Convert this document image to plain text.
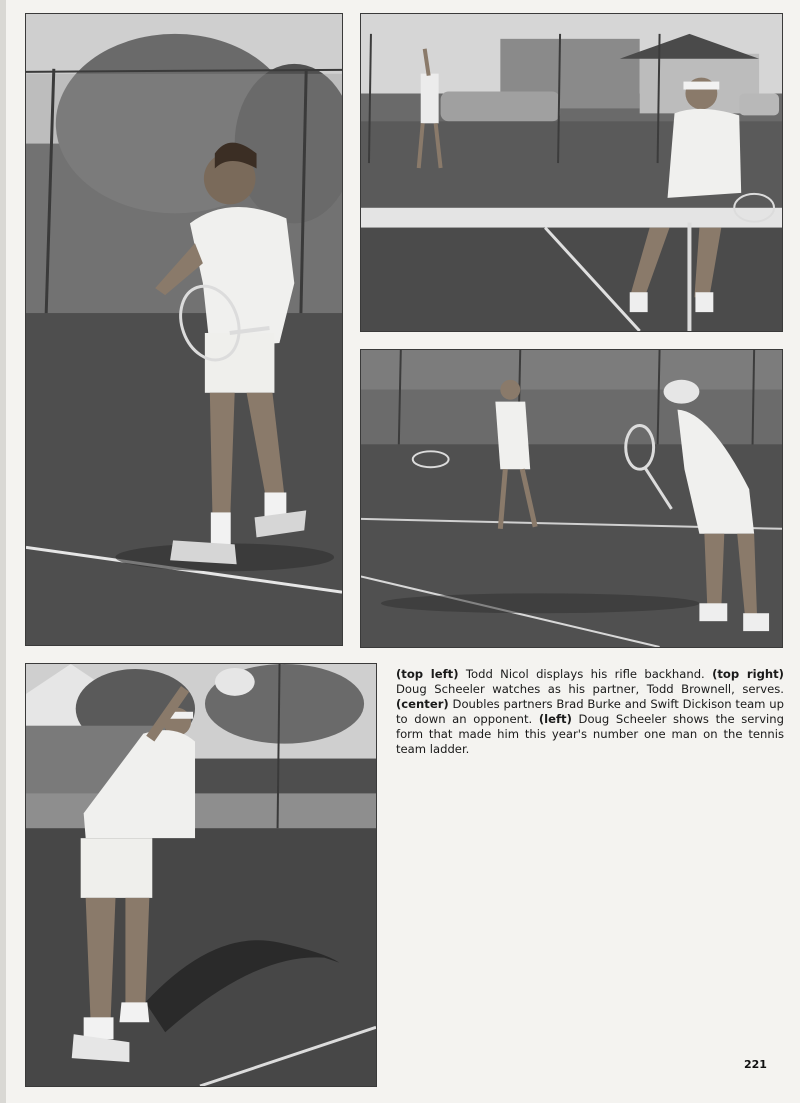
(top left) Todd Nicol displays his rifle backhand. (top right) Doug Scheeler watches as his partner, Todd Brownell, serves. (center) Doubles partners Brad Burke and Swift Dickison team up to down an opponent. (left) Doug Scheeler shows the serving form that made him this year's number one man on the tennis team ladder.

221
